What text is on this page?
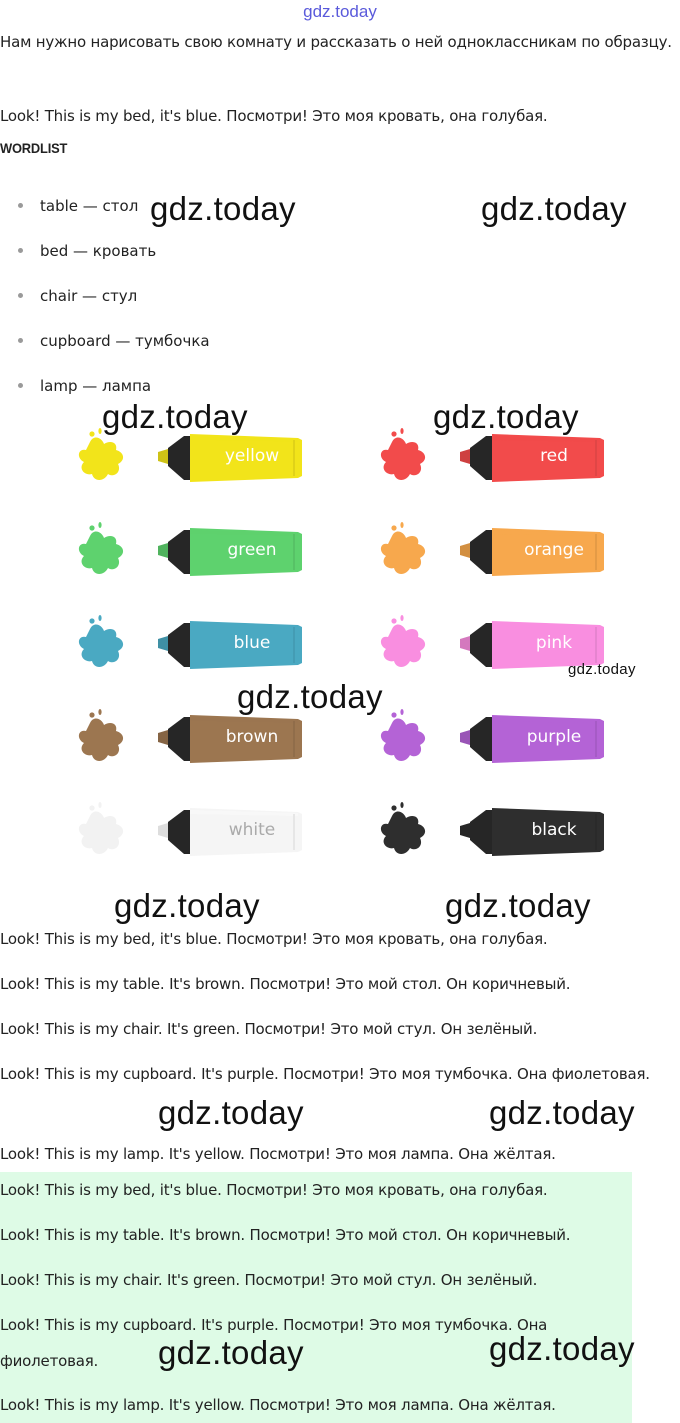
gdz.today
Нам нужно нарисовать свою комнату и рассказать о ней одноклассникам по образцу.
Look! This is my bed, it's blue. Посмотри! Это моя кровать, она голубая.
WORDLIST
table — стол
bed — кровать
chair — стул
cupboard — тумбочка
lamp — лампа
yellow	red
green	orange
blue	pink
brown	purple
white	black
Look! This is my bed, it's blue. Посмотри! Это моя кровать, она голубая.
Look! This is my table. It's brown. Посмотри! Это мой стол. Он коричневый.
Look! This is my chair. It's green. Посмотри! Это мой стул. Он зелёный.
Look! This is my cupboard. It's purple. Посмотри! Это моя тумбочка. Она фиолетовая.
Look! This is my lamp. It's yellow. Посмотри! Это моя лампа. Она жёлтая.
Look! This is my bed, it's blue. Посмотри! Это моя кровать, она голубая.
Look! This is my table. It's brown. Посмотри! Это мой стол. Он коричневый.
Look! This is my chair. It's green. Посмотри! Это мой стул. Он зелёный.
Look! This is my cupboard. It's purple. Посмотри! Это моя тумбочка. Она фиолетовая.
Look! This is my lamp. It's yellow. Посмотри! Это моя лампа. Она жёлтая.
gdz.today	gdz.today
gdz.today	gdz.today
gdz.today
gdz.today
gdz.today	gdz.today
gdz.today	gdz.today
gdz.today	gdz.today
